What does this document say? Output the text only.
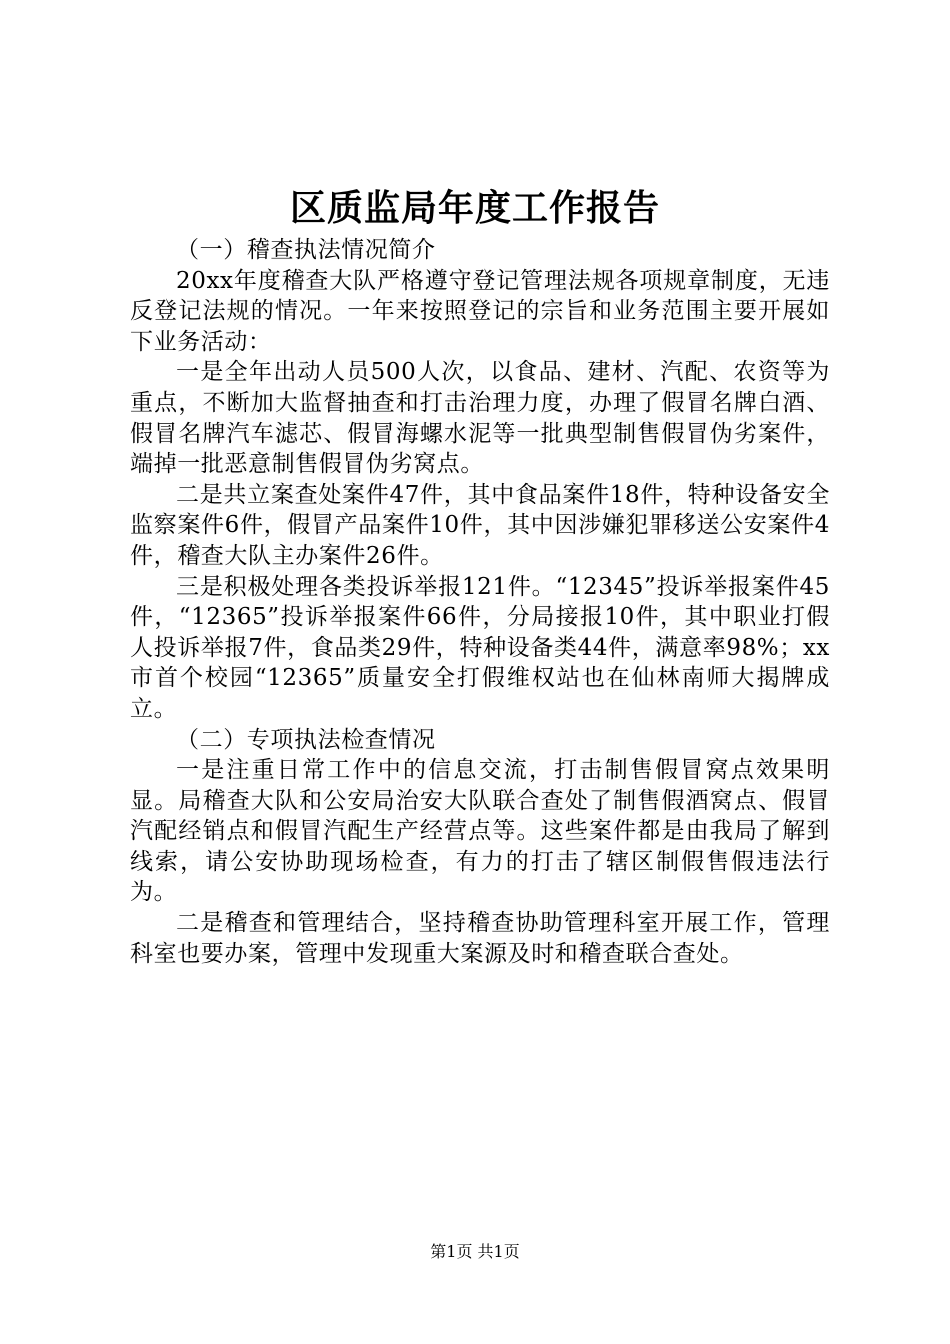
区质监局年度工作报告

（一）稽查执法情况简介

20xx年度稽查大队严格遵守登记管理法规各项规章制度，无违反登记法规的情况。一年来按照登记的宗旨和业务范围主要开展如下业务活动：

一是全年出动人员500人次，以食品、建材、汽配、农资等为重点，不断加大监督抽查和打击治理力度，办理了假冒名牌白酒、假冒名牌汽车滤芯、假冒海螺水泥等一批典型制售假冒伪劣案件，端掉一批恶意制售假冒伪劣窝点。

二是共立案查处案件47件，其中食品案件18件，特种设备安全监察案件6件，假冒产品案件10件，其中因涉嫌犯罪移送公安案件4件，稽查大队主办案件26件。

三是积极处理各类投诉举报121件。“12345”投诉举报案件45件，“12365”投诉举报案件66件，分局接报10件，其中职业打假人投诉举报7件，食品类29件，特种设备类44件，满意率98%；xx市首个校园“12365”质量安全打假维权站也在仙林南师大揭牌成立。

（二）专项执法检查情况

一是注重日常工作中的信息交流，打击制售假冒窝点效果明显。局稽查大队和公安局治安大队联合查处了制售假酒窝点、假冒汽配经销点和假冒汽配生产经营点等。这些案件都是由我局了解到线索，请公安协助现场检查，有力的打击了辖区制假售假违法行为。

二是稽查和管理结合，坚持稽查协助管理科室开展工作，管理科室也要办案，管理中发现重大案源及时和稽查联合查处。

第1页 共1页
